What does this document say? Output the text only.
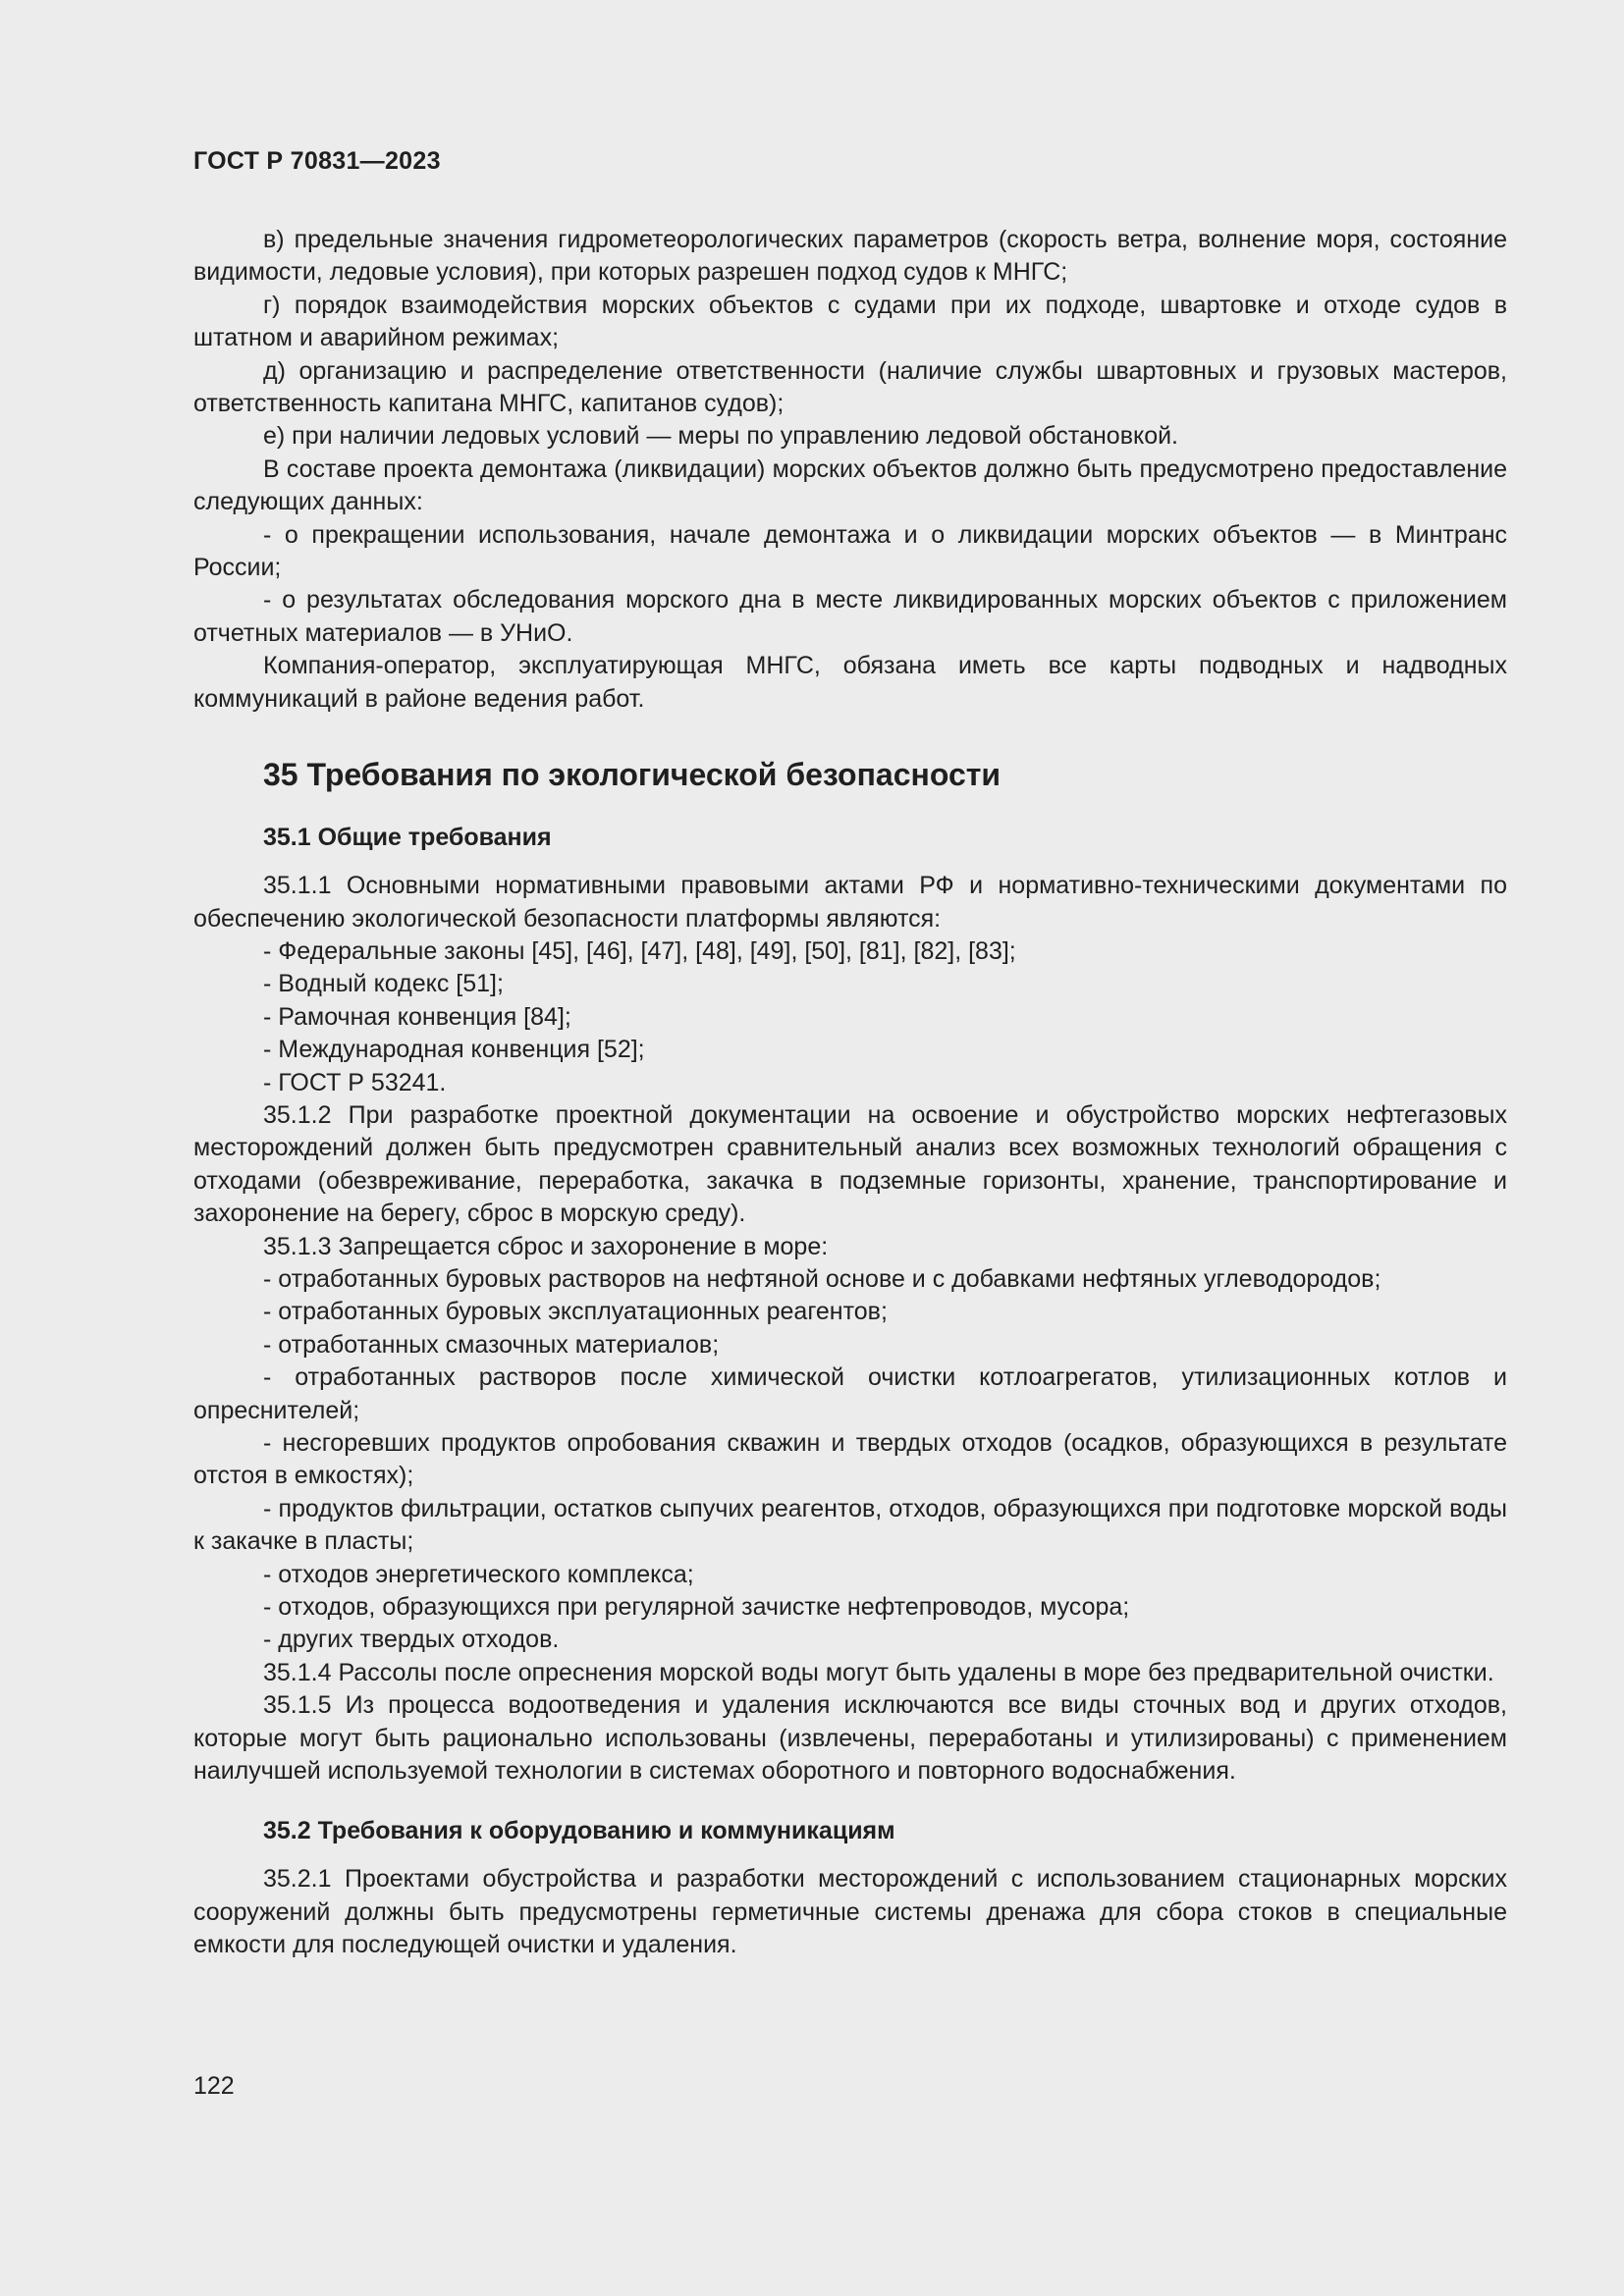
ГОСТ Р 70831—2023

в) предельные значения гидрометеорологических параметров (скорость ветра, волнение моря, состояние видимости, ледовые условия), при которых разрешен подход судов к МНГС;

г) порядок взаимодействия морских объектов с судами при их подходе, швартовке и отходе судов в штатном и аварийном режимах;

д) организацию и распределение ответственности (наличие службы швартовных и грузовых мастеров, ответственность капитана МНГС, капитанов судов);

е) при наличии ледовых условий — меры по управлению ледовой обстановкой.

В составе проекта демонтажа (ликвидации) морских объектов должно быть предусмотрено предоставление следующих данных:

- о прекращении использования, начале демонтажа и о ликвидации морских объектов — в Минтранс России;

- о результатах обследования морского дна в месте ликвидированных морских объектов с приложением отчетных материалов — в УНиО.

Компания-оператор, эксплуатирующая МНГС, обязана иметь все карты подводных и надводных коммуникаций в районе ведения работ.

35 Требования по экологической безопасности
35.1 Общие требования

35.1.1 Основными нормативными правовыми актами РФ и нормативно-техническими документами по обеспечению экологической безопасности платформы являются:

- Федеральные законы [45], [46], [47], [48], [49], [50], [81], [82], [83];

- Водный кодекс [51];

- Рамочная конвенция [84];

- Международная конвенция [52];

- ГОСТ Р 53241.

35.1.2 При разработке проектной документации на освоение и обустройство морских нефтегазовых месторождений должен быть предусмотрен сравнительный анализ всех возможных технологий обращения с отходами (обезвреживание, переработка, закачка в подземные горизонты, хранение, транспортирование и захоронение на берегу, сброс в морскую среду).

35.1.3 Запрещается сброс и захоронение в море:

- отработанных буровых растворов на нефтяной основе и с добавками нефтяных углеводородов;

- отработанных буровых эксплуатационных реагентов;

- отработанных смазочных материалов;

- отработанных растворов после химической очистки котлоагрегатов, утилизационных котлов и опреснителей;

- несгоревших продуктов опробования скважин и твердых отходов (осадков, образующихся в результате отстоя в емкостях);

- продуктов фильтрации, остатков сыпучих реагентов, отходов, образующихся при подготовке морской воды к закачке в пласты;

- отходов энергетического комплекса;

- отходов, образующихся при регулярной зачистке нефтепроводов, мусора;

- других твердых отходов.

35.1.4 Рассолы после опреснения морской воды могут быть удалены в море без предварительной очистки.

35.1.5 Из процесса водоотведения и удаления исключаются все виды сточных вод и других отходов, которые могут быть рационально использованы (извлечены, переработаны и утилизированы) с применением наилучшей используемой технологии в системах оборотного и повторного водоснабжения.

35.2 Требования к оборудованию и коммуникациям

35.2.1 Проектами обустройства и разработки месторождений с использованием стационарных морских сооружений должны быть предусмотрены герметичные системы дренажа для сбора стоков в специальные емкости для последующей очистки и удаления.

122
